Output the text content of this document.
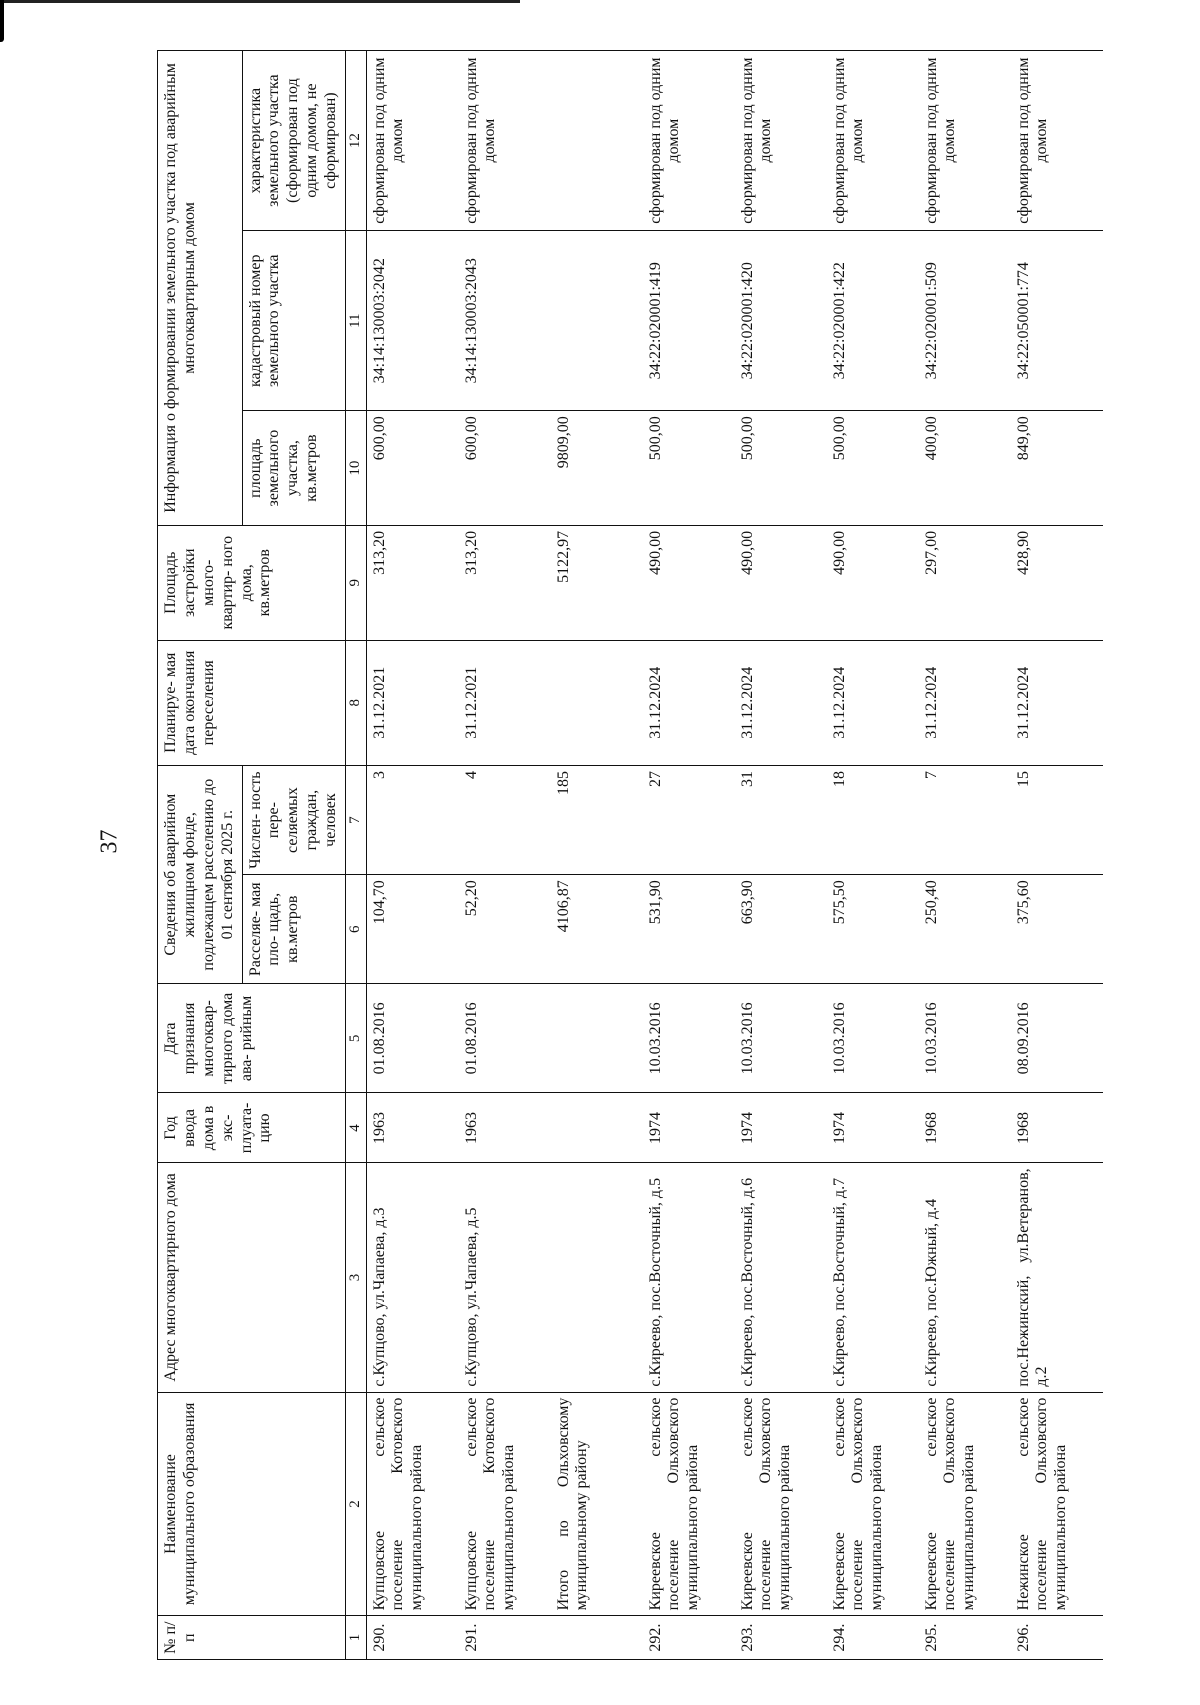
37
№ п/п	Наименование муниципального образования	Адрес многоквартирного дома	Год ввода дома в экс- плуата- цию	Дата признания многоквар- тирного дома ава- рийным	Сведения об аварийном жилищном фонде, подлежащем расселению до 01 сентября 2025 г.		Планируе- мая дата окончания переселения	Площадь застройки много- квартир- ного дома, кв.метров	Информация о формировании земельного участка под аварийным многоквартирным домом		
					Расселяе- мая пло- щадь, кв.метров	Числен- ность пере- селяемых граждан, человек			площадь земельного участка, кв.метров	кадастровый номер земельного участка	характеристика земельного участка (сформирован под одним домом, не сформирован)
1	2	3	4	5	6	7	8	9	10	11	12
290.	Купцовское сельское поселение Котовского муниципального района	с.Купцово, ул.Чапаева, д.3	1963	01.08.2016	104,70	3	31.12.2021	313,20	600,00	34:14:130003:2042	сформирован под одним домом
291.	Купцовское сельское поселение Котовского муниципального района	с.Купцово, ул.Чапаева, д.5	1963	01.08.2016	52,20	4	31.12.2021	313,20	600,00	34:14:130003:2043	сформирован под одним домом
	Итого по Ольховскому муниципальному району				4106,87	185		5122,97	9809,00		
292.	Киреевское сельское поселение Ольховского муниципального района	с.Киреево, пос.Восточный, д.5	1974	10.03.2016	531,90	27	31.12.2024	490,00	500,00	34:22:020001:419	сформирован под одним домом
293.	Киреевское сельское поселение Ольховского муниципального района	с.Киреево, пос.Восточный, д.6	1974	10.03.2016	663,90	31	31.12.2024	490,00	500,00	34:22:020001:420	сформирован под одним домом
294.	Киреевское сельское поселение Ольховского муниципального района	с.Киреево, пос.Восточный, д.7	1974	10.03.2016	575,50	18	31.12.2024	490,00	500,00	34:22:020001:422	сформирован под одним домом
295.	Киреевское сельское поселение Ольховского муниципального района	с.Киреево, пос.Южный, д.4	1968	10.03.2016	250,40	7	31.12.2024	297,00	400,00	34:22:020001:509	сформирован под одним домом
296.	Нежинское сельское поселение Ольховского муниципального района	пос.Нежинский, ул.Ветеранов, д.2	1968	08.09.2016	375,60	15	31.12.2024	428,90	849,00	34:22:050001:774	сформирован под одним домом
